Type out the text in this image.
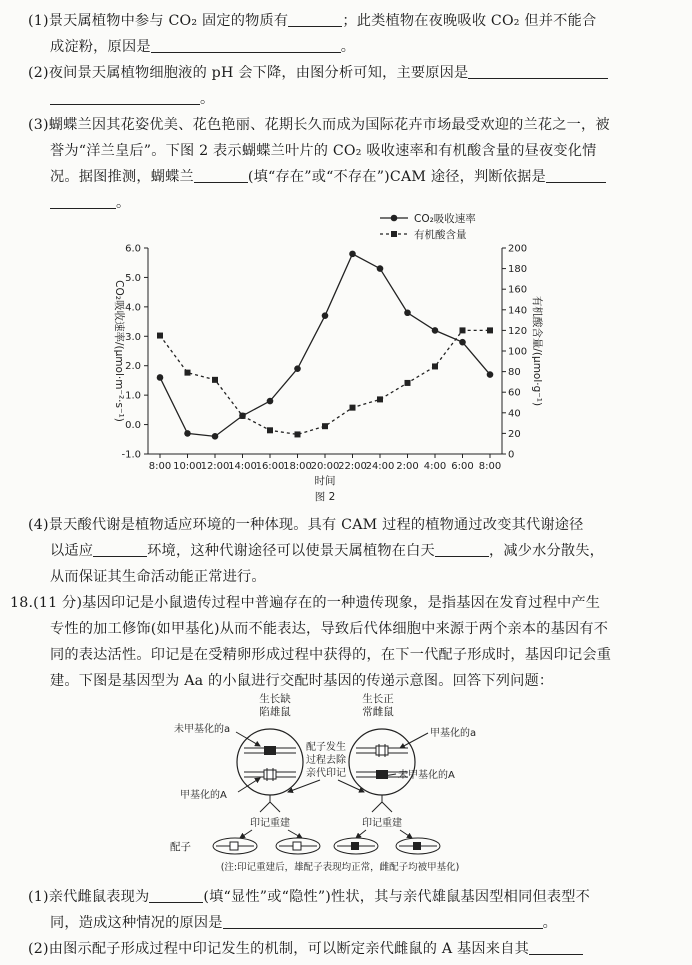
(1)景天属植物中参与 CO₂ 固定的物质有	；此类植物在夜晚吸收 CO₂ 但并不能合
成淀粉，原因是	。
(2)夜间景天属植物细胞液的 pH 会下降，由图分析可知，主要原因是
。
(3)蝴蝶兰因其花姿优美、花色艳丽、花期长久而成为国际花卉市场最受欢迎的兰花之一，被
誉为“洋兰皇后”。下图 2 表示蝴蝶兰叶片的 CO₂ 吸收速率和有机酸含量的昼夜变化情
况。据图推测，蝴蝶兰	(填“存在”或“不存在”)CAM 途径，判断依据是
。
CO₂吸收速率
有机酸含量
-1.0
0.0
1.0
2.0
3.0
4.0
5.0
6.0
0
20
40
60
80
100
120
140
160
180
200
8:00 10:00
12:00
14:00
16:00
18:00
20:00
22:00
24:00 2:00 4:00 6:00 8:00
CO₂吸收速率/(μmol·m⁻²·s⁻¹)	有机酸含量/(μmol·g⁻¹)
时间
图 2
(4)景天酸代谢是植物适应环境的一种体现。具有 CAM 过程的植物通过改变其代谢途径
以适应	环境，这种代谢途径可以使景天属植物在白天	，减少水分散失，
从而保证其生命活动能正常进行。
18.(11 分)基因印记是小鼠遗传过程中普遍存在的一种遗传现象，是指基因在发育过程中产生
专性的加工修饰(如甲基化)从而不能表达，导致后代体细胞中来源于两个亲本的基因有不
同的表达活性。印记是在受精卵形成过程中获得的，在下一代配子形成时，基因印记会重
建。下图是基因型为 Aa 的小鼠进行交配时基因的传递示意图。回答下列问题：
生长缺
陷雄鼠
生长正
常雌鼠
未甲基化的a
甲基化的A
甲基化的a
未甲基化的A
配子发生
过程去除
亲代印记
印记重建	印记重建
配子
(注:印记重建后，雄配子表现均正常，雌配子均被甲基化)
(1)亲代雌鼠表现为	(填“显性”或“隐性”)性状，其与亲代雄鼠基因型相同但表型不
同，造成这种情况的原因是	。
(2)由图示配子形成过程中印记发生的机制，可以断定亲代雌鼠的 A 基因来自其
